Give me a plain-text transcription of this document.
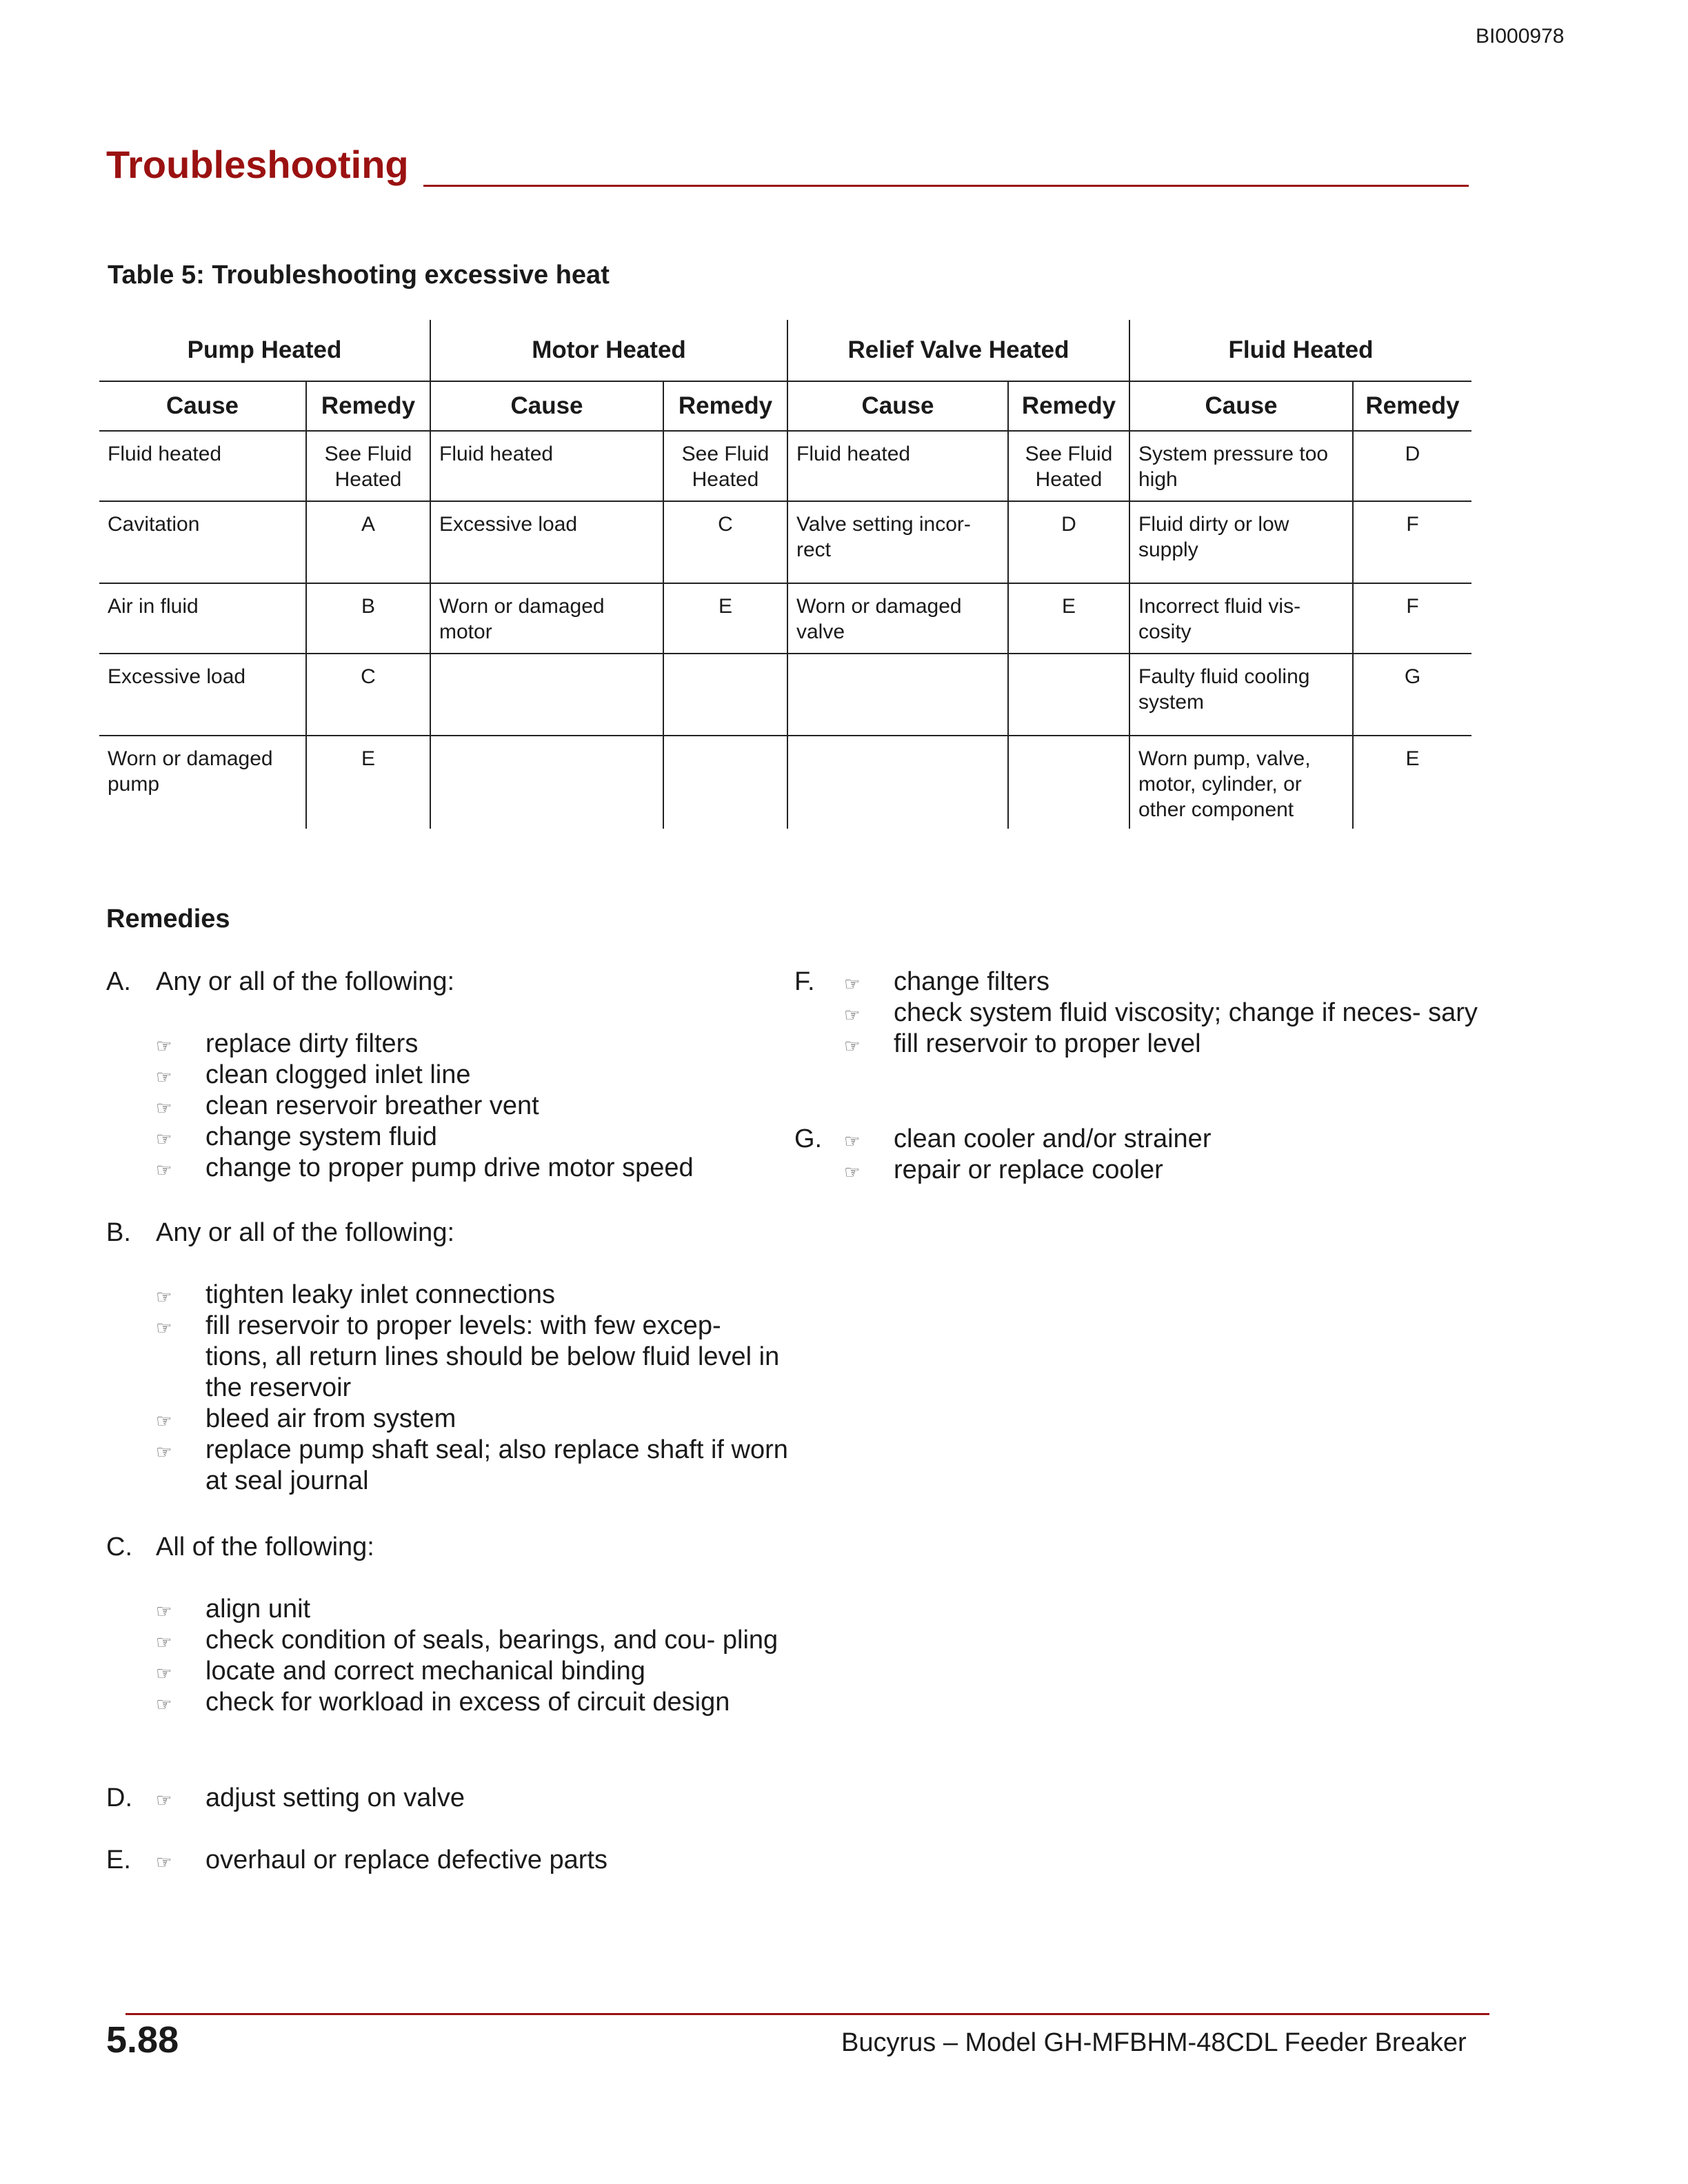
BI000978
Troubleshooting
Table 5: Troubleshooting excessive heat
Pump Heated		Motor Heated		Relief Valve Heated		Fluid Heated	
Cause	Remedy	Cause	Remedy	Cause	Remedy	Cause	Remedy
Fluid heated	See Fluid Heated	Fluid heated	See Fluid Heated	Fluid heated	See Fluid Heated	System pressure too high	D
Cavitation	A	Excessive load	C	Valve setting incor- rect	D	Fluid dirty or low supply	F
Air in fluid	B	Worn or damaged motor	E	Worn or damaged valve	E	Incorrect fluid vis- cosity	F
Excessive load	C					Faulty fluid cooling system	G
Worn or damaged pump	E					Worn pump, valve, motor, cylinder, or other component	E
Remedies
A. Any or all of the following:
☞ replace dirty filters
☞ clean clogged inlet line
☞ clean reservoir breather vent
☞ change system fluid
☞ change to proper pump drive motor speed
B. Any or all of the following:
☞ tighten leaky inlet connections
☞ fill reservoir to proper levels: with few excep- tions, all return lines should be below fluid level in the reservoir
☞ bleed air from system
☞ replace pump shaft seal; also replace shaft if worn at seal journal
C. All of the following:
☞ align unit
☞ check condition of seals, bearings, and cou- pling
☞ locate and correct mechanical binding
☞ check for workload in excess of circuit design
D. ☞ adjust setting on valve
E. ☞ overhaul or replace defective parts
F. ☞ change filters
☞ check system fluid viscosity; change if neces- sary
☞ fill reservoir to proper level
G. ☞ clean cooler and/or strainer
☞ repair or replace cooler
5.88	Bucyrus – Model GH-MFBHM-48CDL Feeder Breaker
